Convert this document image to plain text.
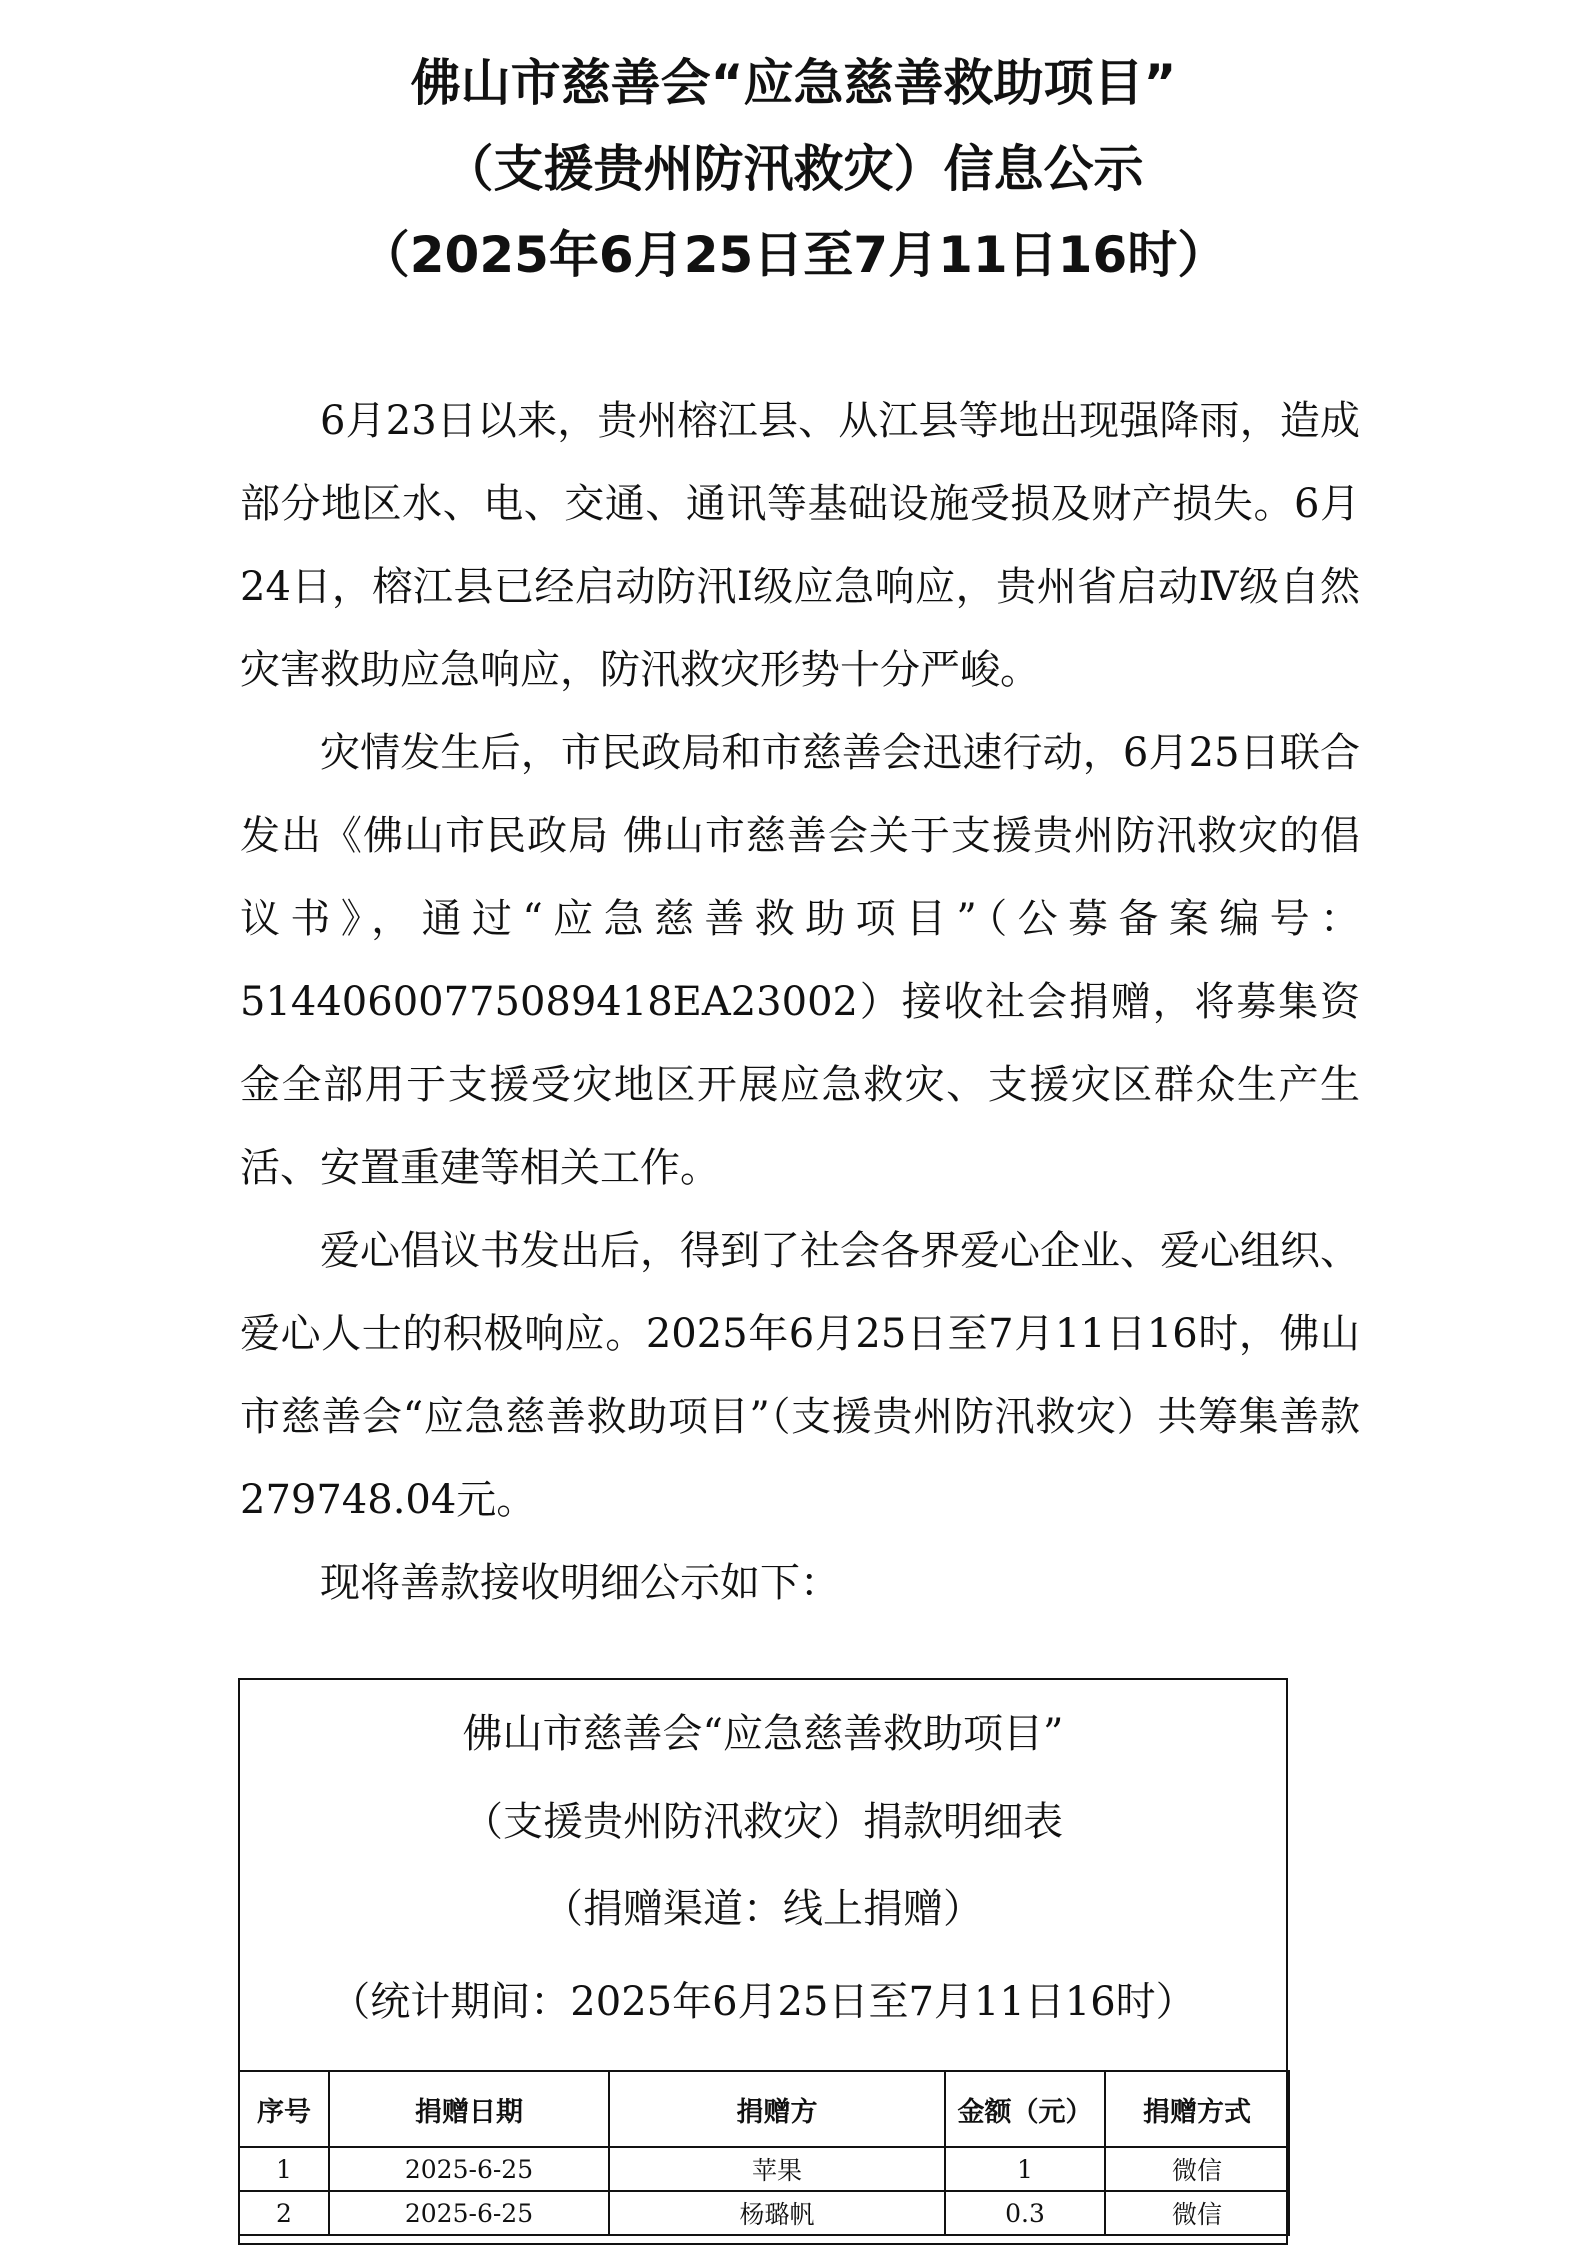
佛山市慈善会“应急慈善救助项目”
（支援贵州防汛救灾）信息公示
（2025年6月25日至7月11日16时）

6月23日以来，贵州榕江县、从江县等地出现强降雨，造成部分地区水、电、交通、通讯等基础设施受损及财产损失。6月24日，榕江县已经启动防汛Ⅰ级应急响应，贵州省启动Ⅳ级自然灾害救助应急响应，防汛救灾形势十分严峻。

灾情发生后，市民政局和市慈善会迅速行动，6月25日联合发出《佛山市民政局 佛山市慈善会关于支援贵州防汛救灾的倡议书》，通过“应急慈善救助项目”（公募备案编号：51440600775089418EA23002）接收社会捐赠，将募集资金全部用于支援受灾地区开展应急救灾、支援灾区群众生产生活、安置重建等相关工作。

爱心倡议书发出后，得到了社会各界爱心企业、爱心组织、爱心人士的积极响应。2025年6月25日至7月11日16时，佛山市慈善会“应急慈善救助项目”（支援贵州防汛救灾）共筹集善款279748.04元。

现将善款接收明细公示如下：

佛山市慈善会“应急慈善救助项目”
（支援贵州防汛救灾）捐款明细表
（捐赠渠道：线上捐赠）
（统计期间：2025年6月25日至7月11日16时）
序号	捐赠日期	捐赠方	金额（元）	捐赠方式
1	2025-6-25	苹果	1	微信
2	2025-6-25	杨璐帆	0.3	微信
